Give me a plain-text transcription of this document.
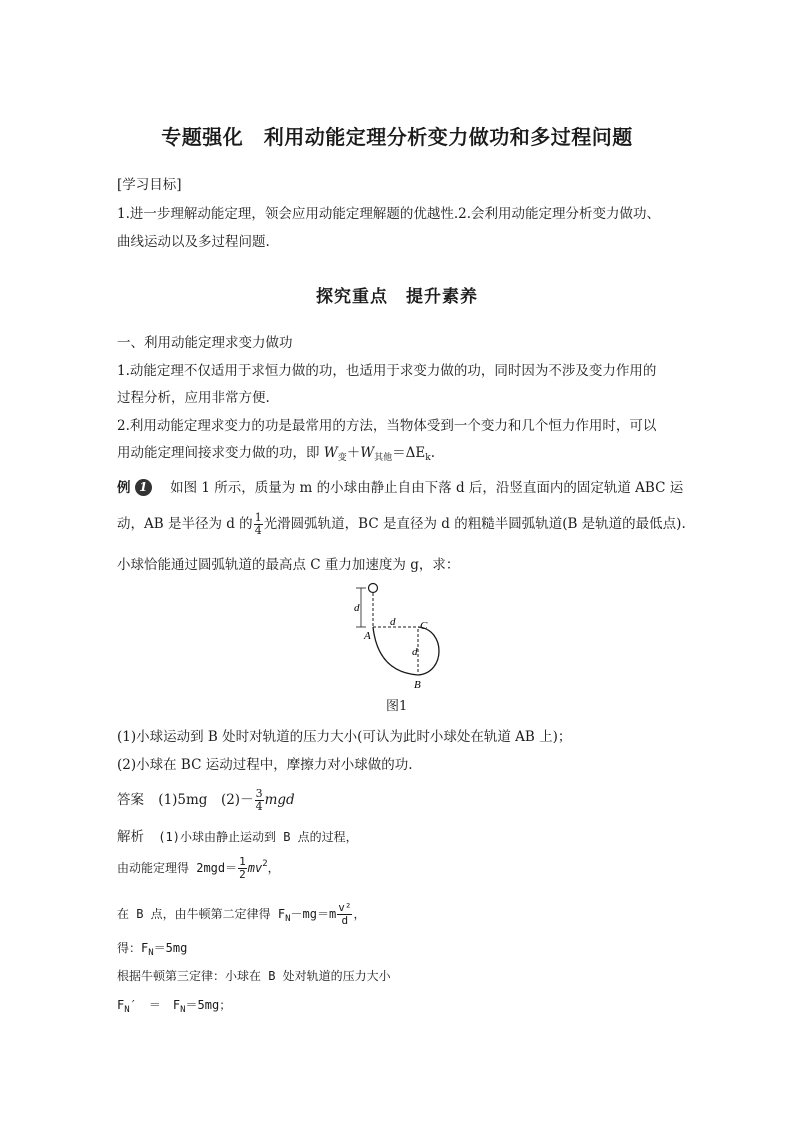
专题强化　利用动能定理分析变力做功和多过程问题
[学习目标]
1.进一步理解动能定理，领会应用动能定理解题的优越性.2.会利用动能定理分析变力做功、
曲线运动以及多过程问题.
探究重点　提升素养
一、利用动能定理求变力做功
1.动能定理不仅适用于求恒力做的功，也适用于求变力做的功，同时因为不涉及变力作用的
过程分析，应用非常方便.
2.利用动能定理求变力的功是最常用的方法，当物体受到一个变力和几个恒力作用时，可以
用动能定理间接求变力做的功，即 $W_变+W_{其他}=\Delta E_k$.
例 1 如图 1 所示，质量为 m 的小球由静止自由下落 d 后，沿竖直面内的固定轨道 ABC 运
动，AB 是半径为 d 的 $\frac{1}{4}$ 光滑圆弧轨道，BC 是直径为 d 的粗糙半圆弧轨道(B 是轨道的最低点).
小球恰能通过圆弧轨道的最高点 C 重力加速度为 g，求：
d
d
A
C
d
B
图1
(1)小球运动到 B 处时对轨道的压力大小(可认为此时小球处在轨道 AB 上)；
(2)小球在 BC 运动过程中，摩擦力对小球做的功.
答案 (1)5mg　$(2)- \frac{3}{4}$ mgd
解析 (1)小球由静止运动到 B 点的过程，
由动能定理得 $2mgd= \frac{1}{2} mv^2$，
在 B 点，由牛顿第二定律得 $F_N-mg=m \frac{\text{v²}}{d}$ ，
得：$F_N=5mg$
根据牛顿第三定律：小球在 B 处对轨道的压力大小
$F_N'$　＝　$F_N=5mg$；
